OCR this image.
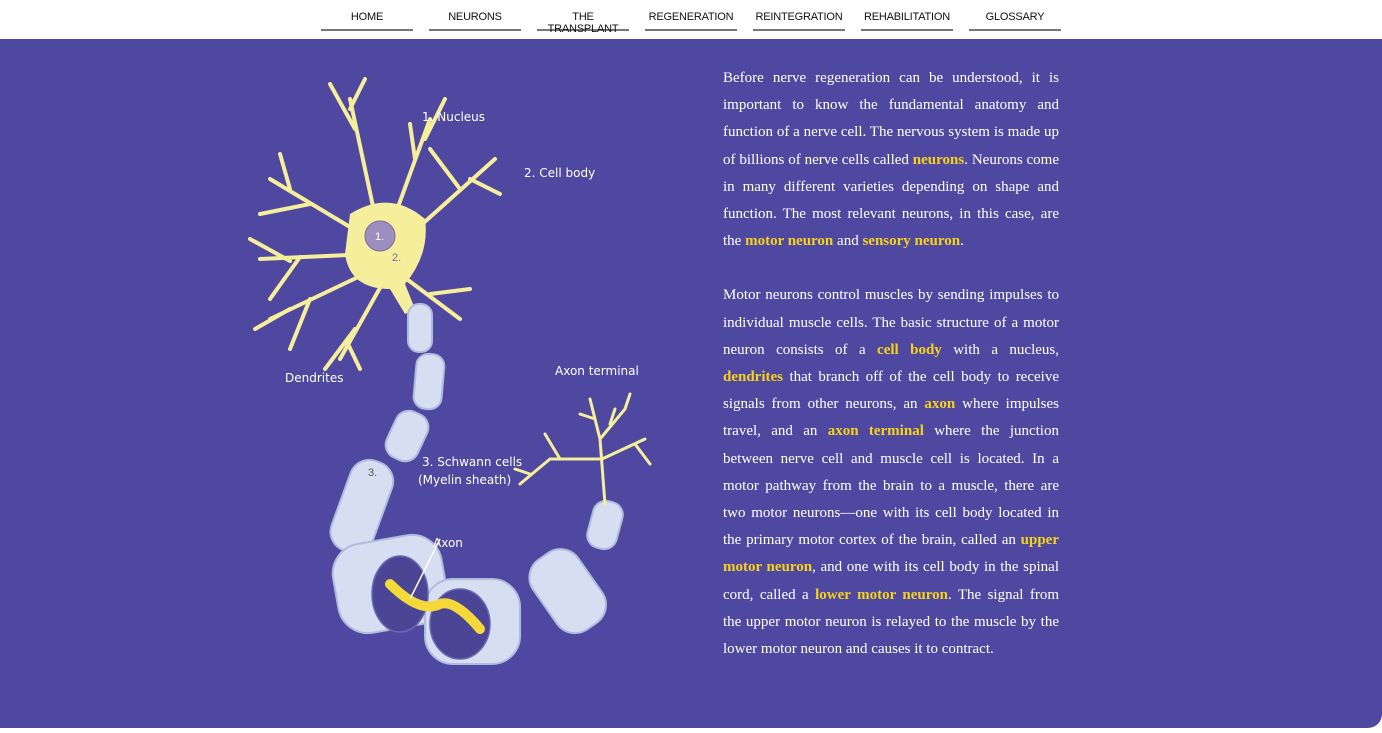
HOME	NEURONS	THE TRANSPLANT
REGENERATION	REINTEGRATION REHABILITATION	GLOSSARY
1.
2.
3.
1. Nucleus
2. Cell body
Dendrites	Axon terminal
3. Schwann cells
(Myelin sheath)
Axon

Before nerve regeneration can be understood, it is important to know the fundamental anatomy and function of a nerve cell. The nervous system is made up of billions of nerve cells called neurons. Neurons come in many different varieties depending on shape and function. The most relevant neurons, in this case, are the motor neuron and sensory neuron.

Motor neurons control muscles by sending impulses to individual muscle cells. The basic structure of a motor neuron consists of a cell body with a nucleus, dendrites that branch off of the cell body to receive signals from other neurons, an axon where impulses travel, and an axon terminal where the junction between nerve cell and muscle cell is located. In a motor pathway from the brain to a muscle, there are two motor neurons—one with its cell body located in the primary motor cortex of the brain, called an upper motor neuron, and one with its cell body in the spinal cord, called a lower motor neuron. The signal from the upper motor neuron is relayed to the muscle by the lower motor neuron and causes it to contract.
